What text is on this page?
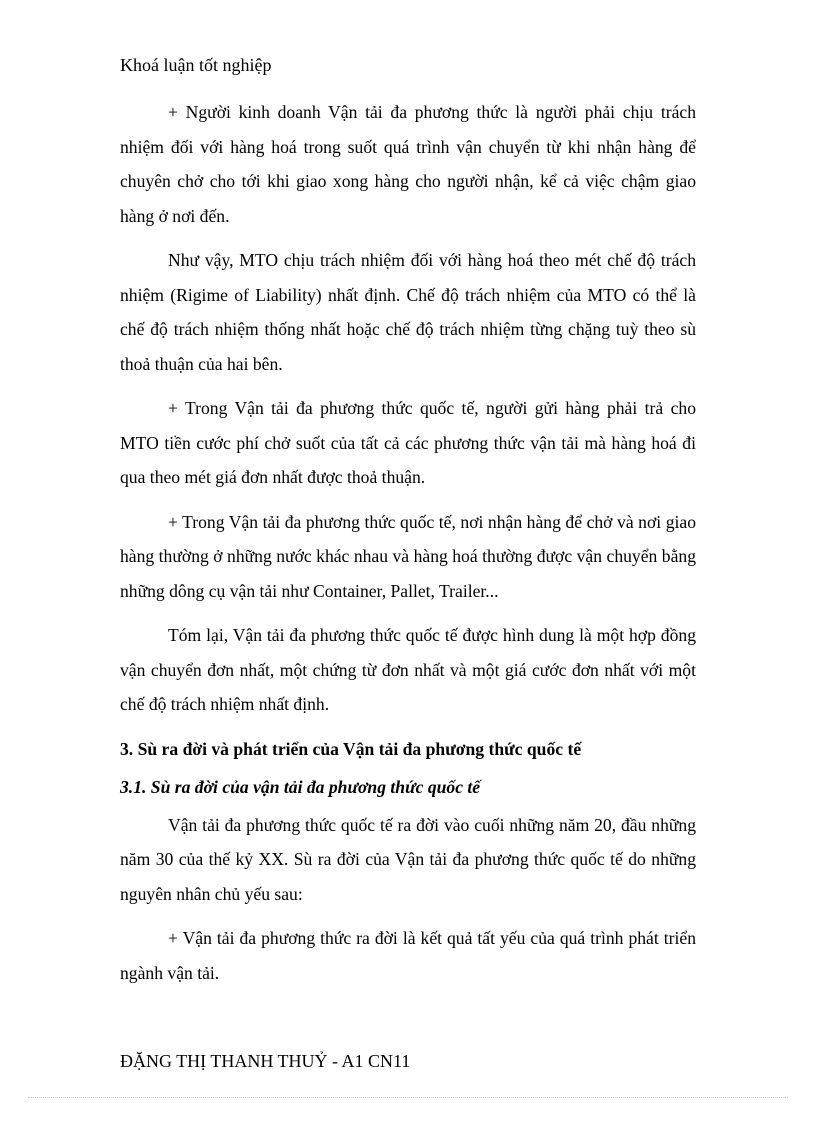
Khoá luận tốt nghiệp

+ Người kinh doanh Vận tải đa phương thức là người phải chịu trách nhiệm đối với hàng hoá trong suốt quá trình vận chuyển từ khi nhận hàng để chuyên chở cho tới khi giao xong hàng cho người nhận, kể cả việc chậm giao hàng ở nơi đến.

Như vậy, MTO chịu trách nhiệm đối với hàng hoá theo mét chế độ trách nhiệm (Rigime of Liability) nhất định. Chế độ trách nhiệm của MTO có thể là chế độ trách nhiệm thống nhất hoặc chế độ trách nhiệm từng chặng tuỳ theo sù thoả thuận của hai bên.

+ Trong Vận tải đa phương thức quốc tế, người gửi hàng phải trả cho MTO tiền cước phí chở suốt của tất cả các phương thức vận tải mà hàng hoá đi qua theo mét giá đơn nhất được thoả thuận.

+ Trong Vận tải đa phương thức quốc tế, nơi nhận hàng để chở và nơi giao hàng thường ở những nước khác nhau và hàng hoá thường được vận chuyển bằng những dông cụ vận tải như Container, Pallet, Trailer...

Tóm lại, Vận tải đa phương thức quốc tế được hình dung là một hợp đồng vận chuyển đơn nhất, một chứng từ đơn nhất và một giá cước đơn nhất với một chế độ trách nhiệm nhất định.

3. Sù ra đời và phát triển của Vận tải đa phương thức quốc tế

3.1. Sù ra đời của vận tải đa phương thức quốc tế

Vận tải đa phương thức quốc tế ra đời vào cuối những năm 20, đầu những năm 30 của thế kỷ XX. Sù ra đời của Vận tải đa phương thức quốc tế do những nguyên nhân chủ yếu sau:

+ Vận tải đa phương thức ra đời là kết quả tất yếu của quá trình phát triển ngành vận tải.

ĐẶNG THỊ THANH THUỶ - A1 CN11
